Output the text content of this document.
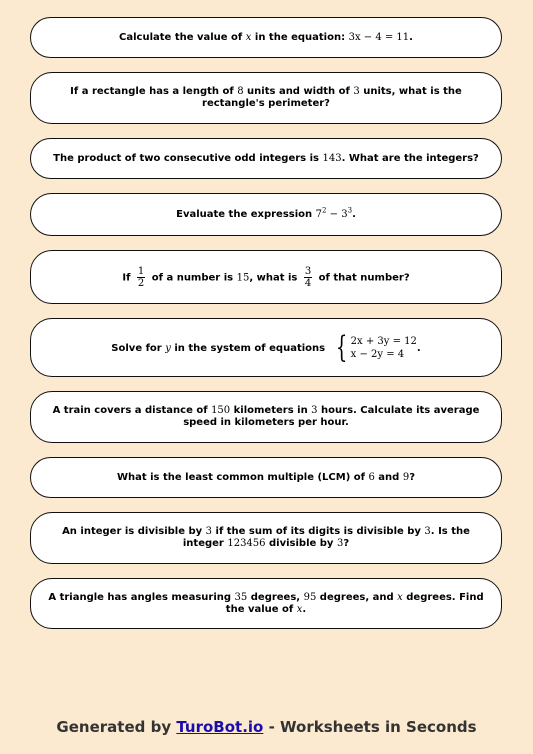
Calculate the value of x in the equation: 3x − 4 = 11.
If a rectangle has a length of 8 units and width of 3 units, what is the rectangle's perimeter?
The product of two consecutive odd integers is 143. What are the integers?
Evaluate the expression $7^2 - 3^3$.
If $\frac{1}{2}$ of a number is 15, what is $\frac{3}{4}$ of that number?
Solve for y in the system of equations { 2x + 3y = 12
x − 2y = 4
.
A train covers a distance of 150 kilometers in 3 hours. Calculate its average speed in kilometers per hour.
What is the least common multiple (LCM) of 6 and 9?
An integer is divisible by 3 if the sum of its digits is divisible by 3. Is the integer 123456 divisible by 3?
A triangle has angles measuring 35 degrees, 95 degrees, and x degrees. Find the value of x.
Generated by TuroBot.io - Worksheets in Seconds
